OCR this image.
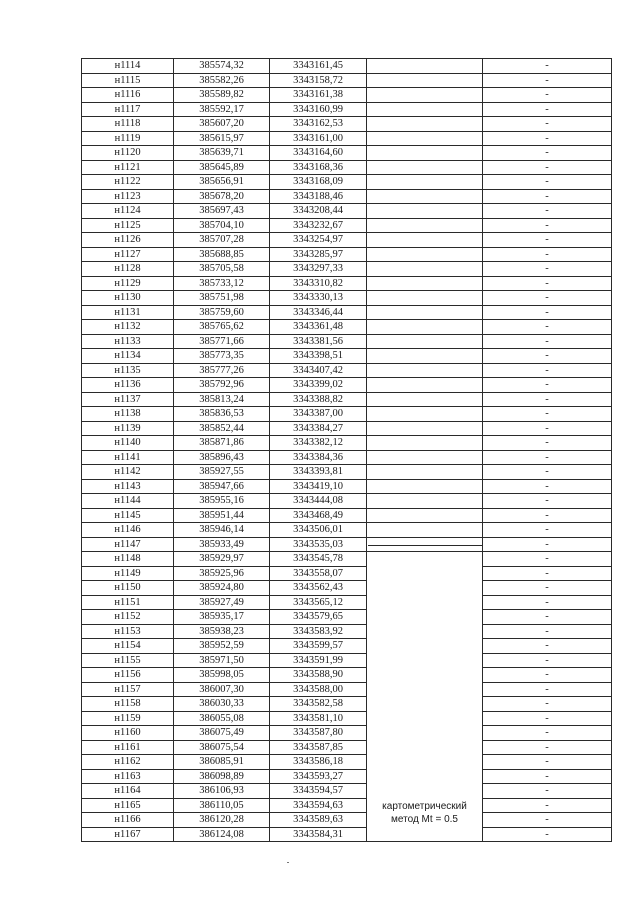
н1114	385574,32	3343161,45		-
н1115	385582,26	3343158,72		-
н1116	385589,82	3343161,38		-
н1117	385592,17	3343160,99		-
н1118	385607,20	3343162,53		-
н1119	385615,97	3343161,00		-
н1120	385639,71	3343164,60		-
н1121	385645,89	3343168,36		-
н1122	385656,91	3343168,09		-
н1123	385678,20	3343188,46		-
н1124	385697,43	3343208,44		-
н1125	385704,10	3343232,67		-
н1126	385707,28	3343254,97		-
н1127	385688,85	3343285,97		-
н1128	385705,58	3343297,33		-
н1129	385733,12	3343310,82		-
н1130	385751,98	3343330,13		-
н1131	385759,60	3343346,44		-
н1132	385765,62	3343361,48		-
н1133	385771,66	3343381,56		-
н1134	385773,35	3343398,51		-
н1135	385777,26	3343407,42		-
н1136	385792,96	3343399,02		-
н1137	385813,24	3343388,82		-
н1138	385836,53	3343387,00		-
н1139	385852,44	3343384,27		-
н1140	385871,86	3343382,12		-
н1141	385896,43	3343384,36		-
н1142	385927,55	3343393,81		-
н1143	385947,66	3343419,10		-
н1144	385955,16	3343444,08		-
н1145	385951,44	3343468,49		-
н1146	385946,14	3343506,01		-
н1147	385933,49	3343535,03		-
н1148	385929,97	3343545,78	картометрический метод Mt = 0.5	-
н1149	385925,96	3343558,07		-
н1150	385924,80	3343562,43		-
н1151	385927,49	3343565,12		-
н1152	385935,17	3343579,65		-
н1153	385938,23	3343583,92		-
н1154	385952,59	3343599,57		-
н1155	385971,50	3343591,99		-
н1156	385998,05	3343588,90		-
н1157	386007,30	3343588,00		-
н1158	386030,33	3343582,58		-
н1159	386055,08	3343581,10		-
н1160	386075,49	3343587,80		-
н1161	386075,54	3343587,85		-
н1162	386085,91	3343586,18		-
н1163	386098,89	3343593,27		-
н1164	386106,93	3343594,57		-
н1165	386110,05	3343594,63		-
н1166	386120,28	3343589,63		-
н1167	386124,08	3343584,31		-
